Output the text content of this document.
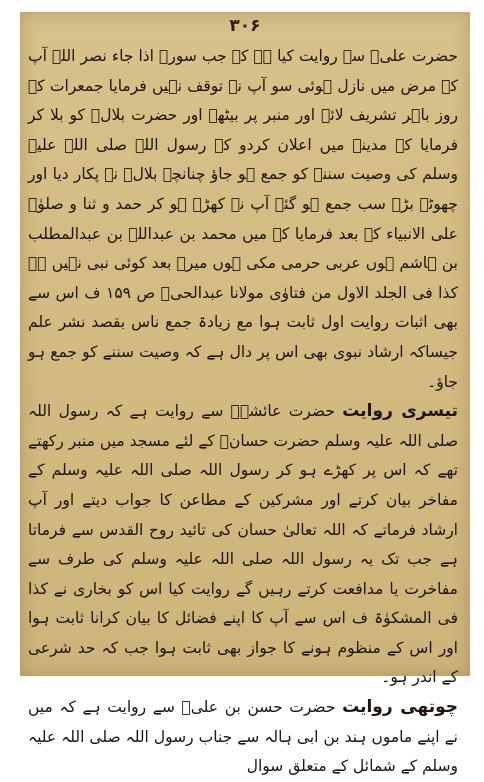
۳۰۶

حضرت علیؓ سے روایت کیا ہے کہ جب سورۃ اذا جاء نصر اللہ آپ کے مرض میں نازل ہوئی سو آپ نے توقف نہیں فرمایا جمعرات کے روز باہر تشریف لائے اور منبر پر بیٹھے اور حضرت بلالؓ کو بلا کر فرمایا کہ مدینہ میں اعلان کردو کہ رسول اللہ صلی اللہ علیہ وسلم کی وصیت سننے کو جمع ہو جاؤ چنانچہ بلالؓ نے پکار دیا اور چھوٹے بڑے سب جمع ہو گئے آپ نے کھڑے ہو کر حمد و ثنا و صلوٰۃ علی الانبیاء کے بعد فرمایا کہ میں محمد بن عبداللہ بن عبدالمطلب بن ہاشم ہوں عربی حرمی مکی ہوں میرے بعد کوئی نبی نہیں ہے کذا فی الجلد الاول من فتاوٰی مولانا عبدالحیؒ ص ۱۵۹ ف اس سے بھی اثبات روایت اول ثابت ہوا مع زیادۃ جمع ناس بقصد نشر علم جیساکہ ارشاد نبوی بھی اس پر دال ہے کہ وصیت سننے کو جمع ہو جاؤ۔

تیسری روایت حضرت عائشہؓ سے روایت ہے کہ رسول اللہ صلی اللہ علیہ وسلم حضرت حسانؓ کے لئے مسجد میں منبر رکھتے تھے کہ اس پر کھڑے ہو کر رسول اللہ صلی اللہ علیہ وسلم کے مفاخر بیان کرتے اور مشرکین کے مطاعن کا جواب دیتے اور آپ ارشاد فرماتے کہ اللہ تعالیٰ حسان کی تائید روح القدس سے فرماتا ہے جب تک یہ رسول اللہ صلی اللہ علیہ وسلم کی طرف سے مفاخرت یا مدافعت کرتے رہیں گے روایت کیا اس کو بخاری نے کذا فی المشکوٰۃ ف اس سے آپ کا اپنے فضائل کا بیان کرانا ثابت ہوا اور اس کے منظوم ہونے کا جواز بھی ثابت ہوا جب کہ حد شرعی کے اندر ہو۔

چوتھی روایت حضرت حسن بن علیؓ سے روایت ہے کہ میں نے اپنے ماموں ہند بن ابی ہالہ سے جناب رسول اللہ صلی اللہ علیہ وسلم کے شمائل کے متعلق سوال
